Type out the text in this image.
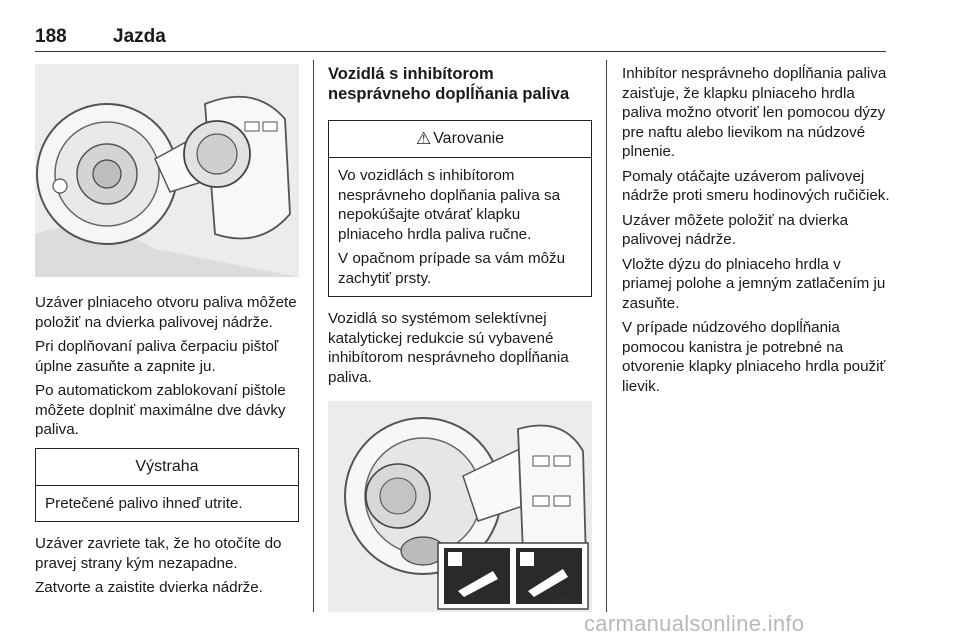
188 Jazda

Uzáver plniaceho otvoru paliva môžete položiť na dvierka palivovej nádrže.

Pri doplňovaní paliva čerpaciu pištoľ úplne zasuňte a zapnite ju.

Po automatickom zablokovaní pištole môžete doplniť maximálne dve dávky paliva.

Výstraha

Pretečené palivo ihneď utrite.

Uzáver zavriete tak, že ho otočíte do pravej strany kým nezapadne.

Zatvorte a zaistite dvierka nádrže.

Vozidlá s inhibítorom nesprávneho doplĺňania paliva
⚠ Varovanie

Vo vozidlách s inhibítorom nesprávneho doplňania paliva sa nepokúšajte otvárať klapku plniaceho hrdla paliva ručne.

V opačnom prípade sa vám môžu zachytiť prsty.

Vozidlá so systémom selektívnej katalytickej redukcie sú vybavené inhibítorom nesprávneho doplĺňania paliva.

ces0834

Inhibítor nesprávneho doplĺňania paliva zaisťuje, že klapku plniaceho hrdla paliva možno otvoriť len pomocou dýzy pre naftu alebo lievikom na núdzové plnenie.

Pomaly otáčajte uzáverom palivovej nádrže proti smeru hodinových ručičiek.

Uzáver môžete položiť na dvierka palivovej nádrže.

Vložte dýzu do plniaceho hrdla v priamej polohe a jemným zatlačením ju zasuňte.

V prípade núdzového doplĺňania pomocou kanistra je potrebné na otvorenie klapky plniaceho hrdla použiť lievik.

carmanualsonline.info
